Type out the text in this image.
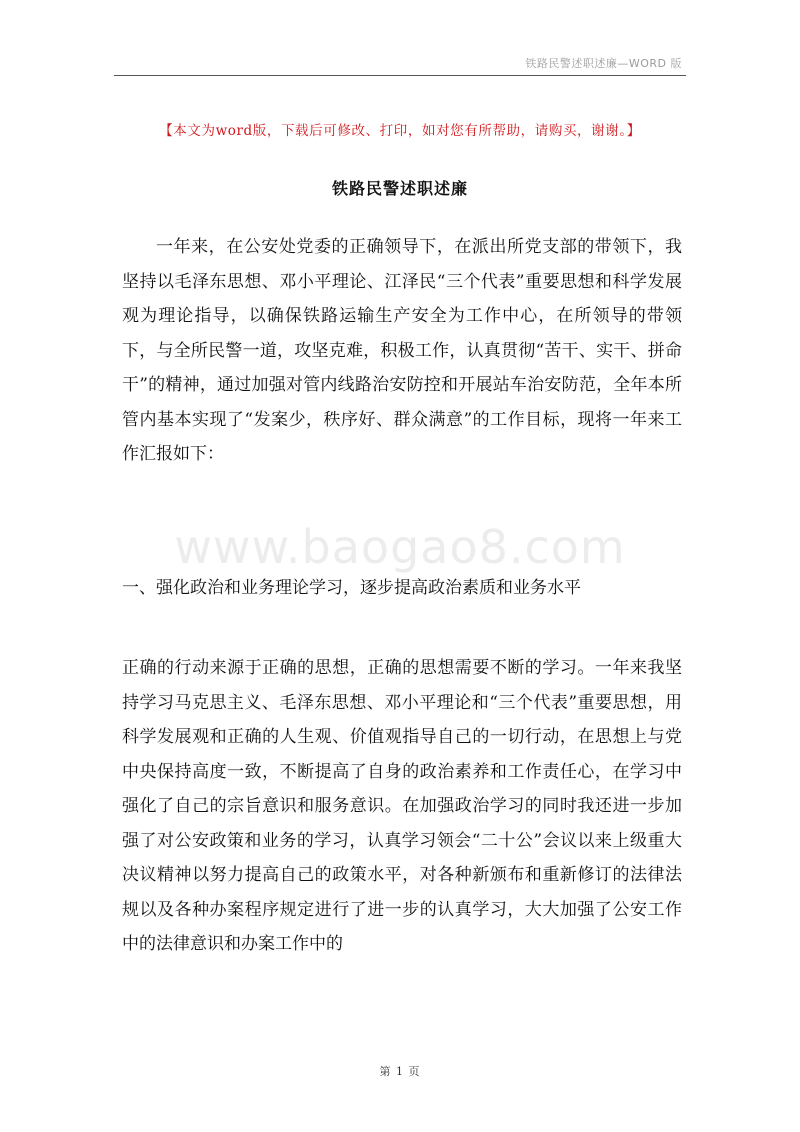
铁路民警述职述廉—WORD 版
【本文为word版，下载后可修改、打印，如对您有所帮助，请购买，谢谢。】
铁路民警述职述廉

一年来，在公安处党委的正确领导下，在派出所党支部的带领下，我坚持以毛泽东思想、邓小平理论、江泽民“三个代表”重要思想和科学发展观为理论指导，以确保铁路运输生产安全为工作中心，在所领导的带领下，与全所民警一道，攻坚克难，积极工作，认真贯彻“苦干、实干、拼命干”的精神，通过加强对管内线路治安防控和开展站车治安防范，全年本所管内基本实现了“发案少，秩序好、群众满意”的工作目标，现将一年来工作汇报如下：

www.baogao8.com

一、强化政治和业务理论学习，逐步提高政治素质和业务水平

正确的行动来源于正确的思想，正确的思想需要不断的学习。一年来我坚持学习马克思主义、毛泽东思想、邓小平理论和“三个代表”重要思想，用科学发展观和正确的人生观、价值观指导自己的一切行动，在思想上与党中央保持高度一致，不断提高了自身的政治素养和工作责任心，在学习中强化了自己的宗旨意识和服务意识。在加强政治学习的同时我还进一步加强了对公安政策和业务的学习，认真学习领会“二十公”会议以来上级重大决议精神以努力提高自己的政策水平，对各种新颁布和重新修订的法律法规以及各种办案程序规定进行了进一步的认真学习，大大加强了公安工作中的法律意识和办案工作中的

第 1 页
